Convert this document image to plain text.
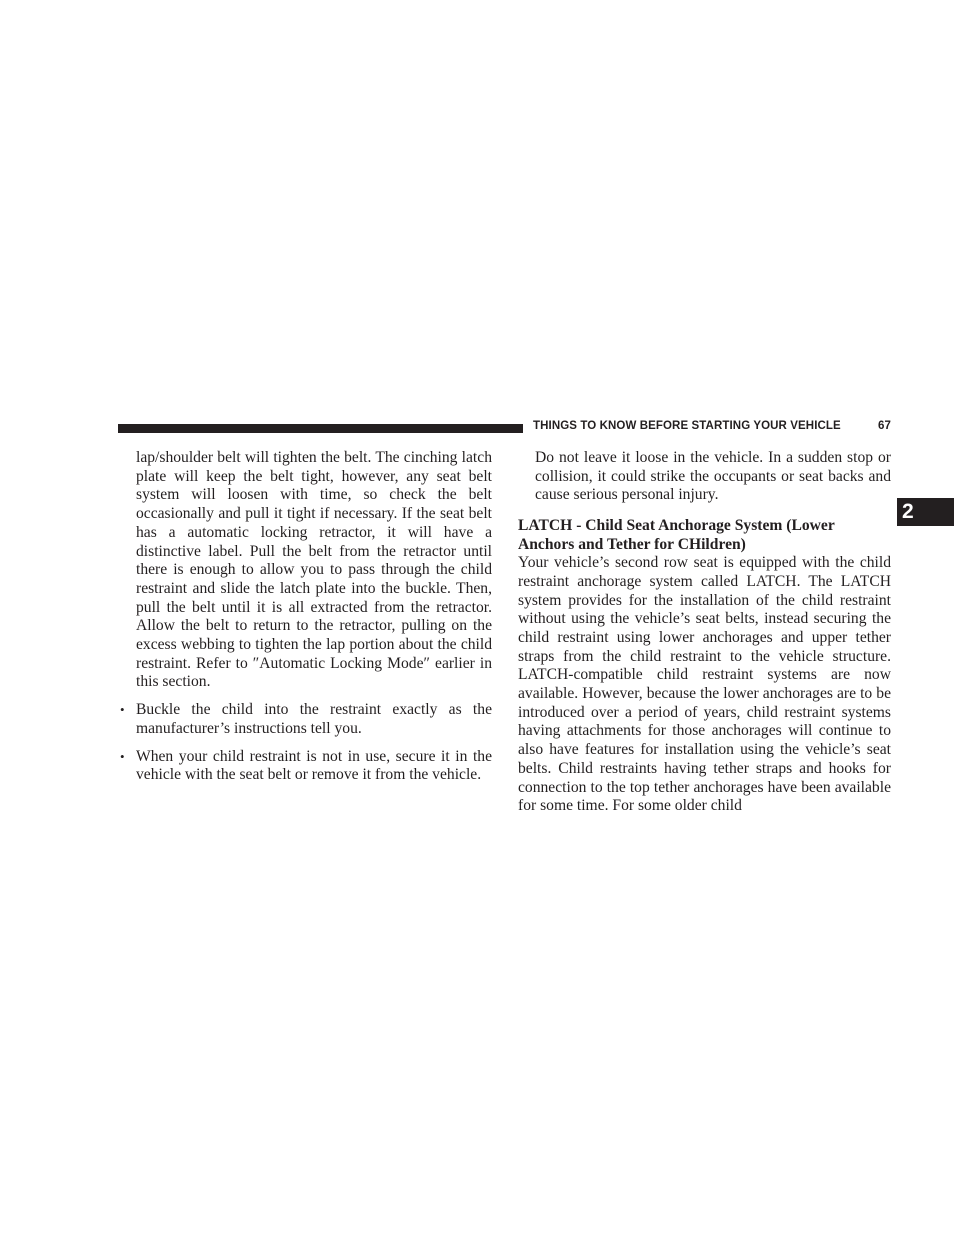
THINGS TO KNOW BEFORE STARTING YOUR VEHICLE	67
2

lap/shoulder belt will tighten the belt. The cinching latch plate will keep the belt tight, however, any seat belt system will loosen with time, so check the belt occasionally and pull it tight if necessary. If the seat belt has a automatic locking retractor, it will have a distinctive label. Pull the belt from the retractor until there is enough to allow you to pass through the child restraint and slide the latch plate into the buckle. Then, pull the belt until it is all extracted from the retractor. Allow the belt to return to the retractor, pulling on the excess webbing to tighten the lap portion about the child restraint. Refer to ″Automatic Locking Mode″ earlier in this section.

• Buckle the child into the restraint exactly as the manufacturer’s instructions tell you.

• When your child restraint is not in use, secure it in the vehicle with the seat belt or remove it from the vehicle.

Do not leave it loose in the vehicle. In a sudden stop or collision, it could strike the occupants or seat backs and cause serious personal injury.

LATCH - Child Seat Anchorage System (Lower Anchors and Tether for CHildren)

Your vehicle’s second row seat is equipped with the child restraint anchorage system called LATCH. The LATCH system provides for the installation of the child restraint without using the vehicle’s seat belts, instead securing the child restraint using lower anchorages and upper tether straps from the child restraint to the vehicle structure. LATCH-compatible child restraint systems are now available. However, because the lower anchorages are to be introduced over a period of years, child restraint systems having attachments for those anchorages will continue to also have features for installation using the vehicle’s seat belts. Child restraints having tether straps and hooks for connection to the top tether anchorages have been available for some time. For some older child
